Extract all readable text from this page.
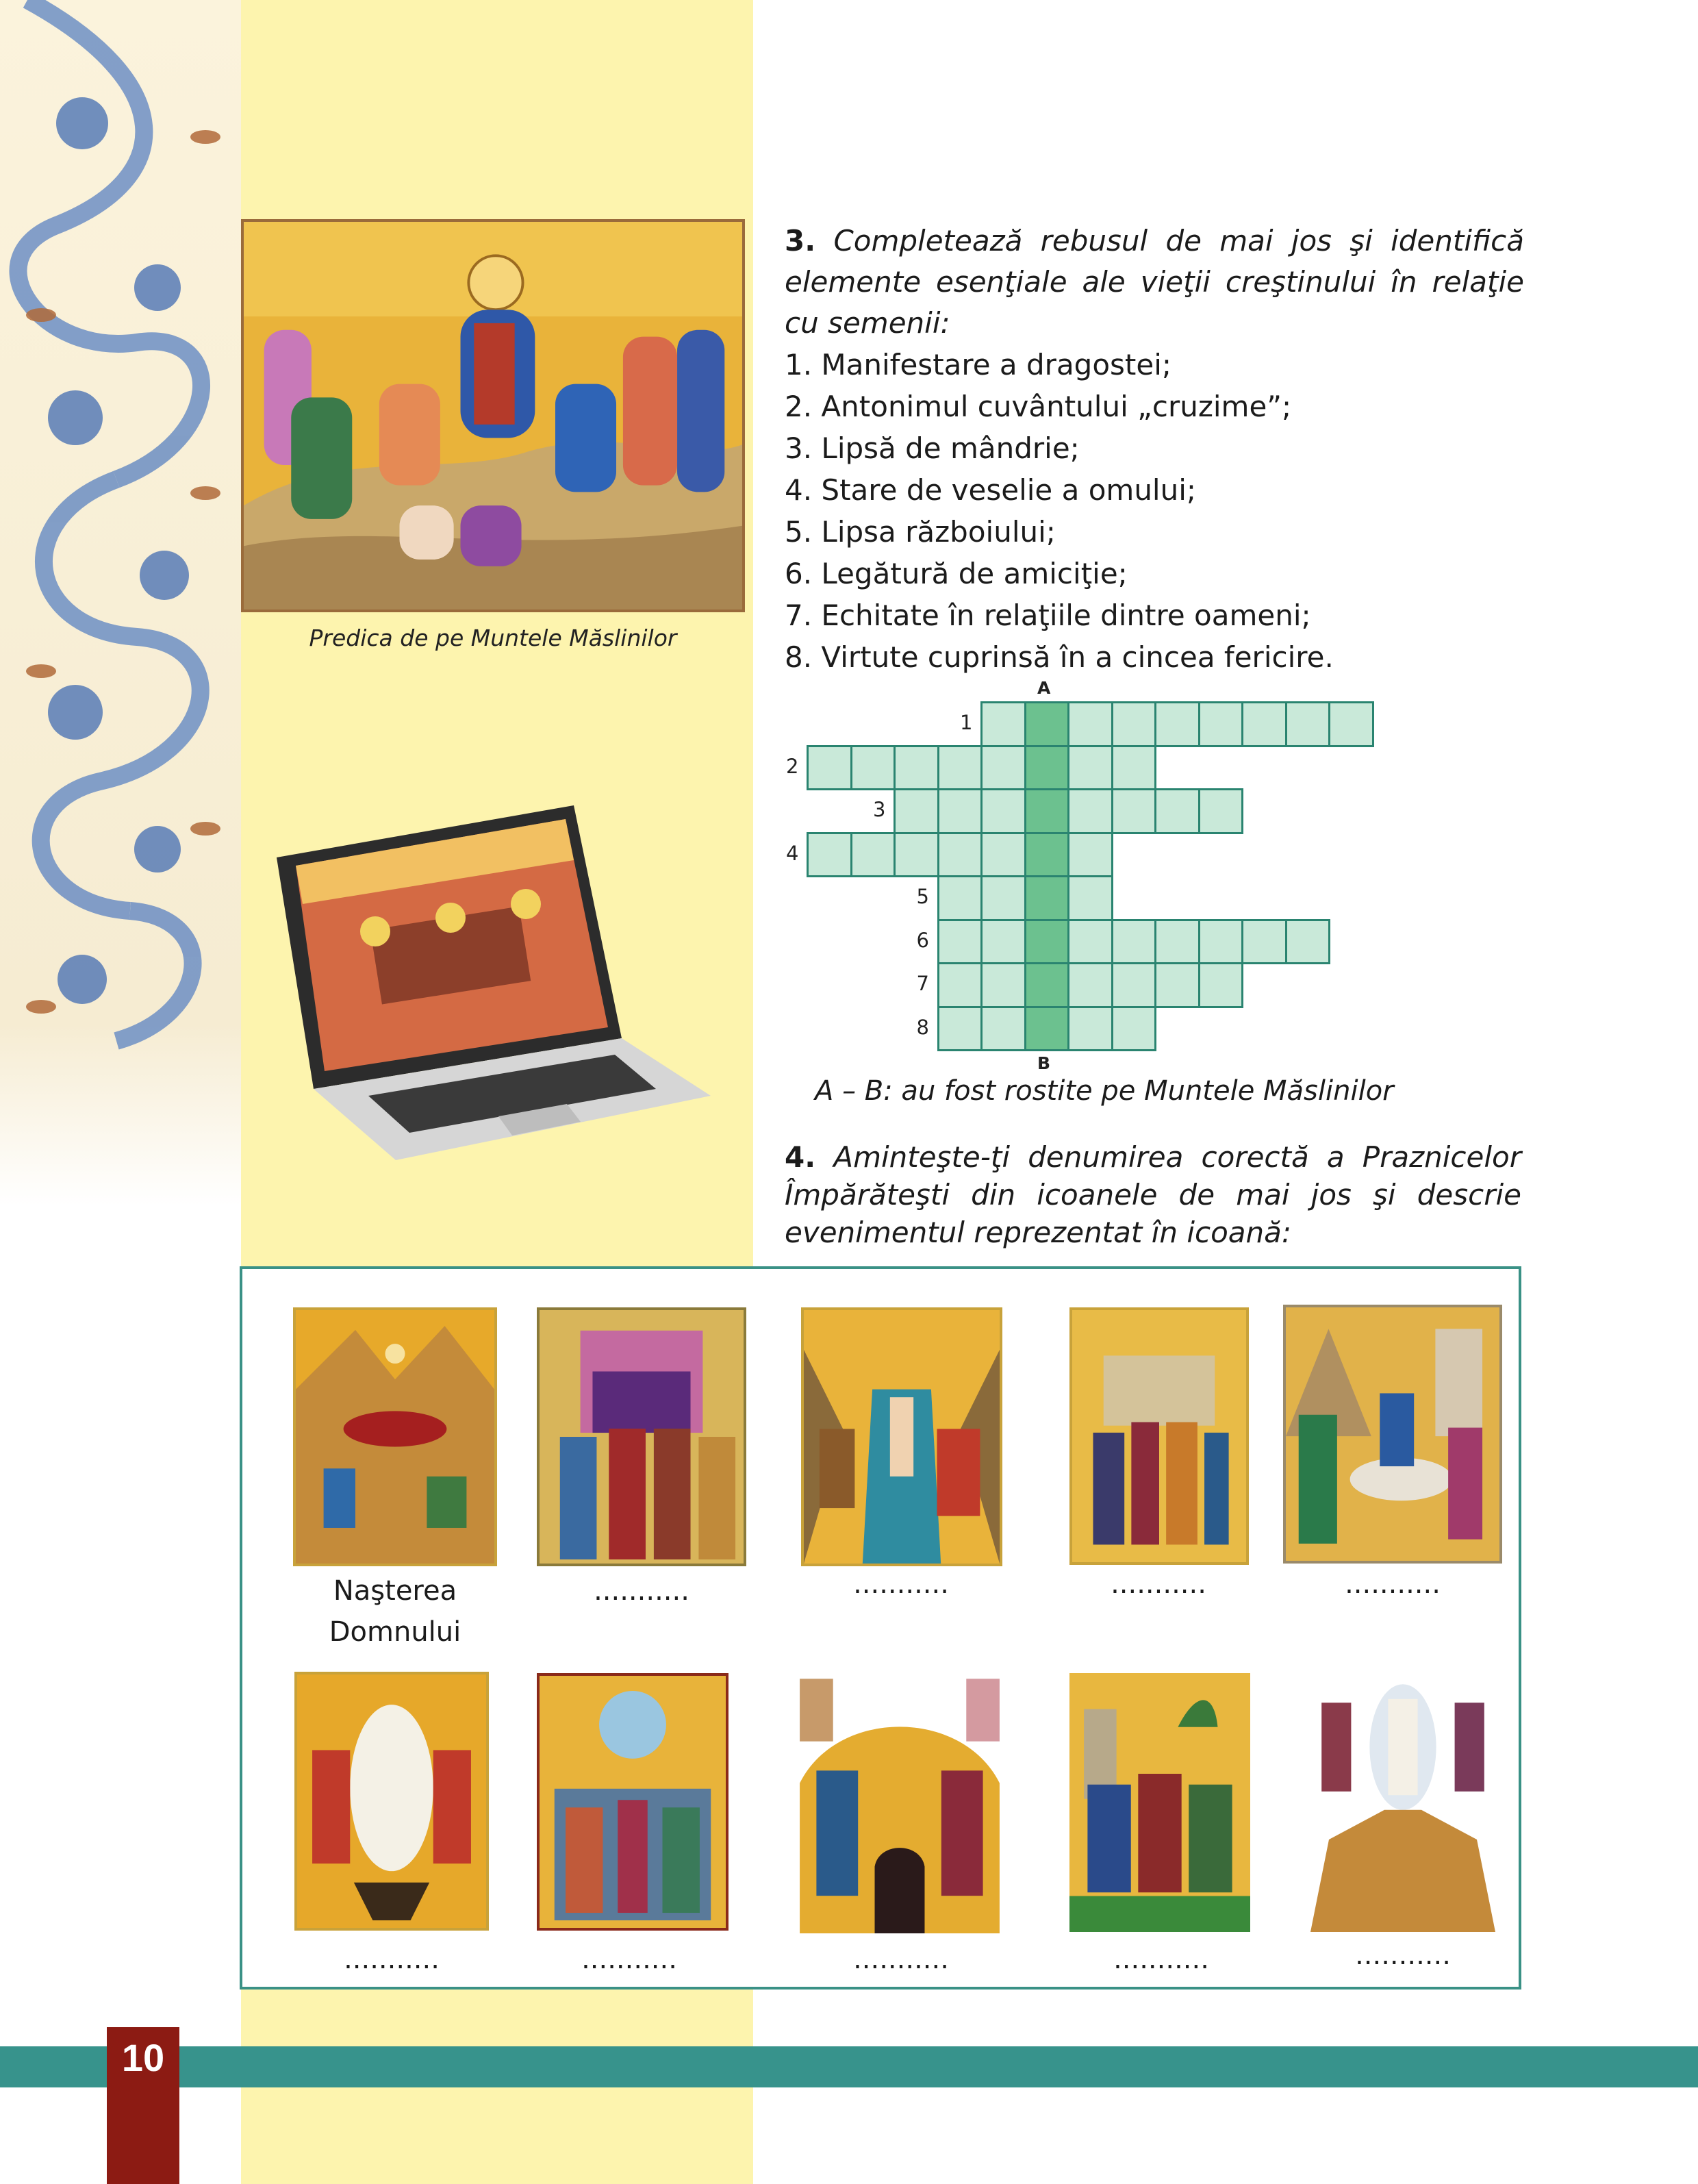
Predica de pe Muntele Măslinilor
3. Completează rebusul de mai jos şi identifică elemente esenţiale ale vieţii creştinului în relaţie cu semenii:
1. Manifestare a dragostei;
2. Antonimul cuvântului „cruzime”;
3. Lipsă de mândrie;
4. Stare de veselie a omului;
5. Lipsa războiului;
6. Legătură de amiciţie;
7. Echitate în relaţiile dintre oameni;
8. Virtute cuprinsă în a cincea fericire.
A
B
1
2
3
4
5
6
7
8
A – B: au fost rostite pe Muntele Măslinilor
4. Aminteşte-ţi denumirea corectă a Praznicelor Împărăteşti din icoanele de mai jos şi descrie evenimentul reprezentat în icoană:
Naşterea Domnului
...........	...........	...........	...........
...........	...........	...........	...........	...........
10
